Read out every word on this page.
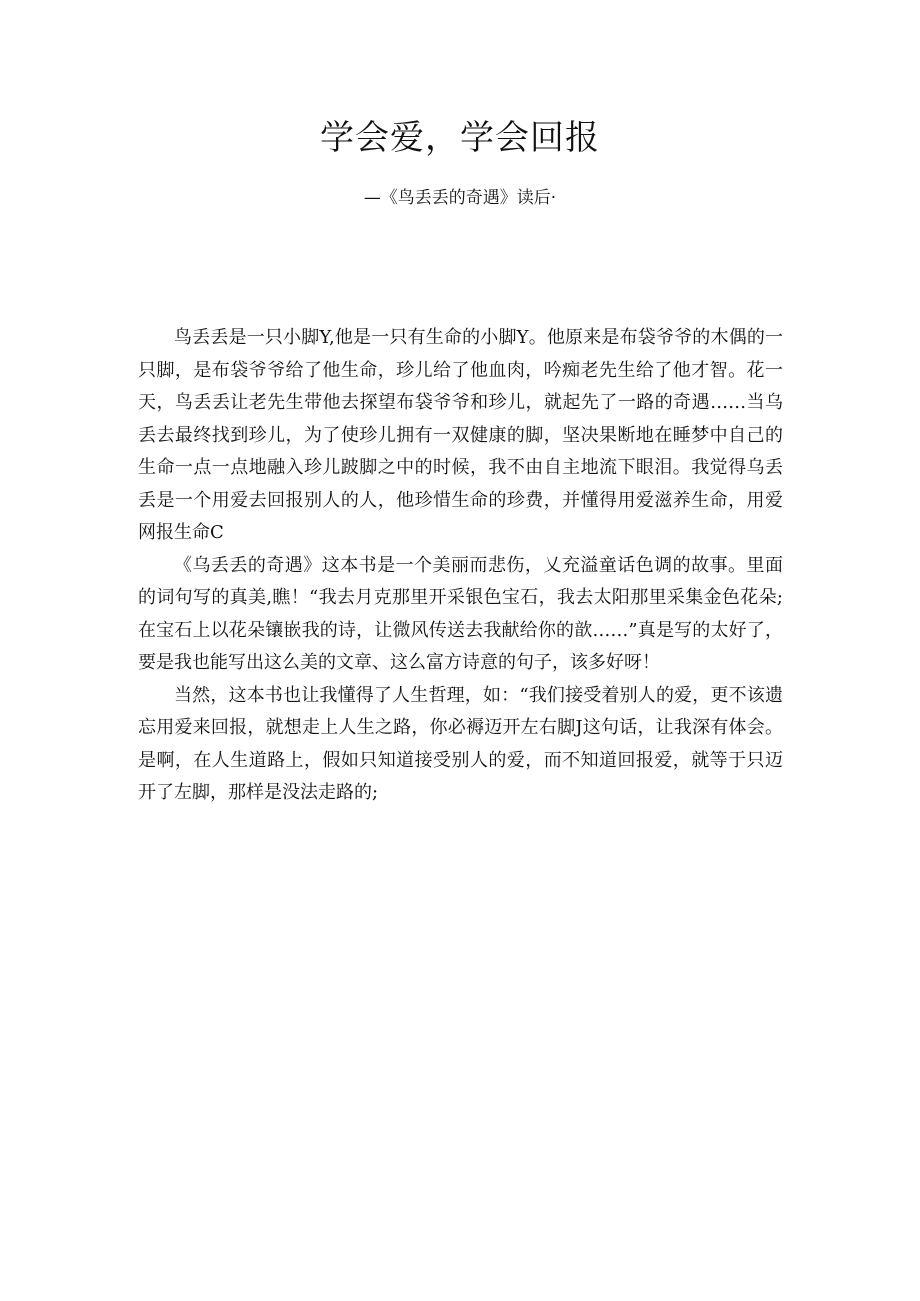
学会爱，学会回报

—《鸟丢丢的奇遇》读后·

鸟丢丢是一只小脚Y,他是一只有生命的小脚Y。他原来是布袋爷爷的木偶的一只脚，是布袋爷爷给了他生命，珍儿给了他血肉，吟痴老先生给了他才智。花一天，鸟丢丢让老先生带他去探望布袋爷爷和珍儿，就起先了一路的奇遇……当乌丢去最终找到珍儿，为了使珍儿拥有一双健康的脚，坚决果断地在睡梦中自己的生命一点一点地融入珍儿跛脚之中的时候，我不由自主地流下眼泪。我觉得乌丢丢是一个用爱去回报别人的人，他珍惜生命的珍费，并懂得用爱滋养生命，用爱网报生命C

《乌丢丢的奇遇》这本书是一个美丽而悲伤，乂充溢童话色调的故事。里面的词句写的真美,瞧！“我去月克那里开采银色宝石，我去太阳那里采集金色花朵;在宝石上以花朵镶嵌我的诗，让微风传送去我献给你的歆……”真是写的太好了，要是我也能写出这么美的文章、这么富方诗意的句子，该多好呀！

当然，这本书也让我懂得了人生哲理，如：“我们接受着别人的爱，更不该遗忘用爱来回报，就想走上人生之路，你必褥迈开左右脚J这句话，让我深有体会。是啊，在人生道路上，假如只知道接受别人的爱，而不知道回报爱，就等于只迈开了左脚，那样是没法走路的;
